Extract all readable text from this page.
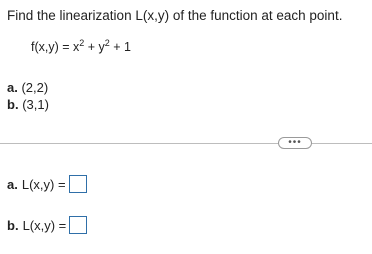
Find the linearization L(x,y) of the function at each point.
$f(x,y) = x^2 + y^2 + 1$
a. (2,2)
b. (3,1)
•••
a. L(x,y) =
b. L(x,y) =
